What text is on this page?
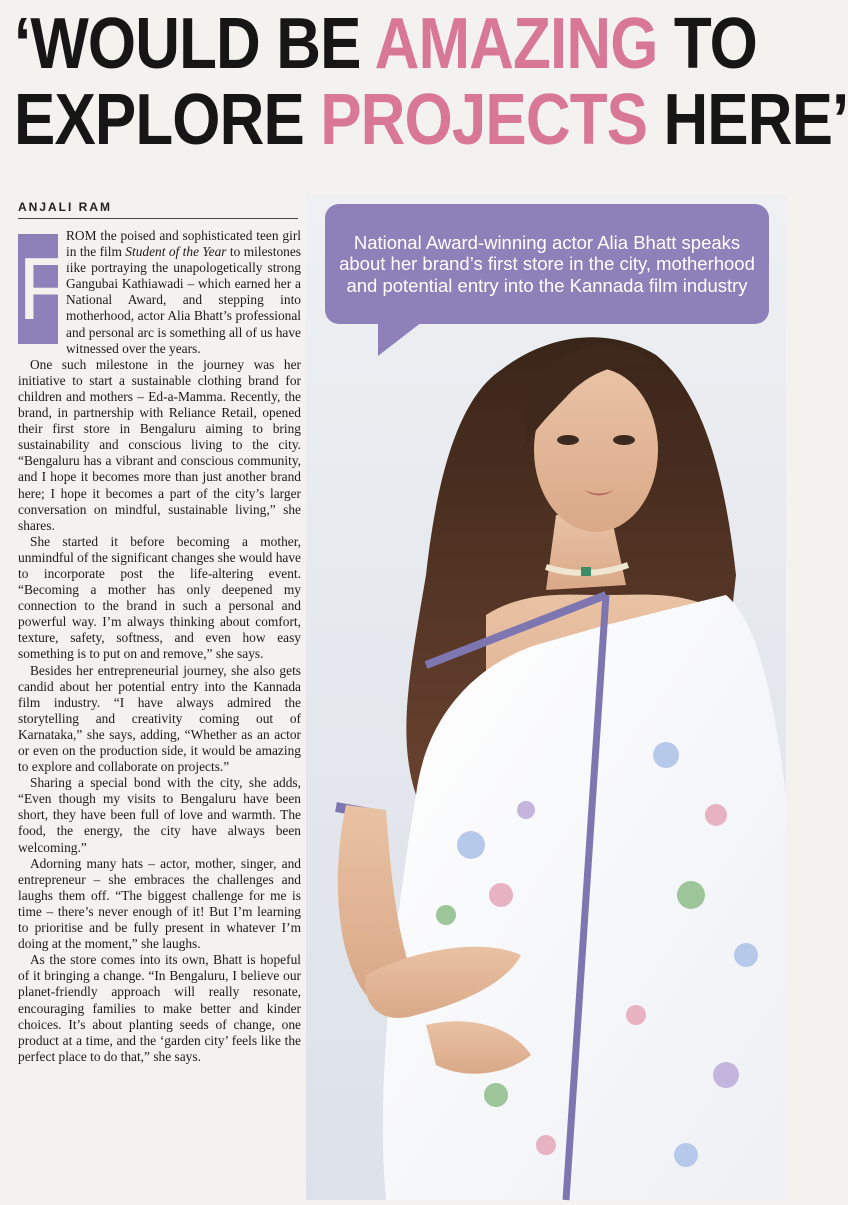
‘WOULD BE AMAZING TO
EXPLORE PROJECTS HERE’
ANJALI RAM
F

ROM the poised and sophisticated teen girl in the film Student of the Year to milestones like portraying the unapologetically strong Gangubai Kathiawadi – which earned her a National Award, and stepping into motherhood, actor Alia Bhatt’s professional and personal arc is something all of us have witnessed over the years.

One such milestone in the journey was her initiative to start a sustainable clothing brand for children and mothers – Ed-a-Mamma. Recently, the brand, in partnership with Reliance Retail, opened their first store in Bengaluru aiming to bring sustainability and conscious living to the city. “Bengaluru has a vibrant and conscious community, and I hope it becomes more than just another brand here; I hope it becomes a part of the city’s larger conversation on mindful, sustainable living,” she shares.

She started it before becoming a mother, unmindful of the significant changes she would have to incorporate post the life-altering event. “Becoming a mother has only deepened my connection to the brand in such a personal and powerful way. I’m always thinking about comfort, texture, safety, softness, and even how easy something is to put on and remove,” she says.

Besides her entrepreneurial journey, she also gets candid about her potential entry into the Kannada film industry. “I have always admired the storytelling and creativity coming out of Karnataka,” she says, adding, “Whether as an actor or even on the production side, it would be amazing to explore and collaborate on projects.”

Sharing a special bond with the city, she adds, “Even though my visits to Bengaluru have been short, they have been full of love and warmth. The food, the energy, the city have always been welcoming.”

Adorning many hats – actor, mother, singer, and entrepreneur – she embraces the challenges and laughs them off. “The biggest challenge for me is time – there’s never enough of it! But I’m learning to prioritise and be fully present in whatever I’m doing at the moment,” she laughs.

As the store comes into its own, Bhatt is hopeful of it bringing a change. “In Bengaluru, I believe our planet-friendly approach will really resonate, encouraging families to make better and kinder choices. It’s about planting seeds of change, one product at a time, and the ‘garden city’ feels like the perfect place to do that,” she says.

National Award-winning actor Alia Bhatt speaks about her brand’s first store in the city, motherhood and potential entry into the Kannada film industry
